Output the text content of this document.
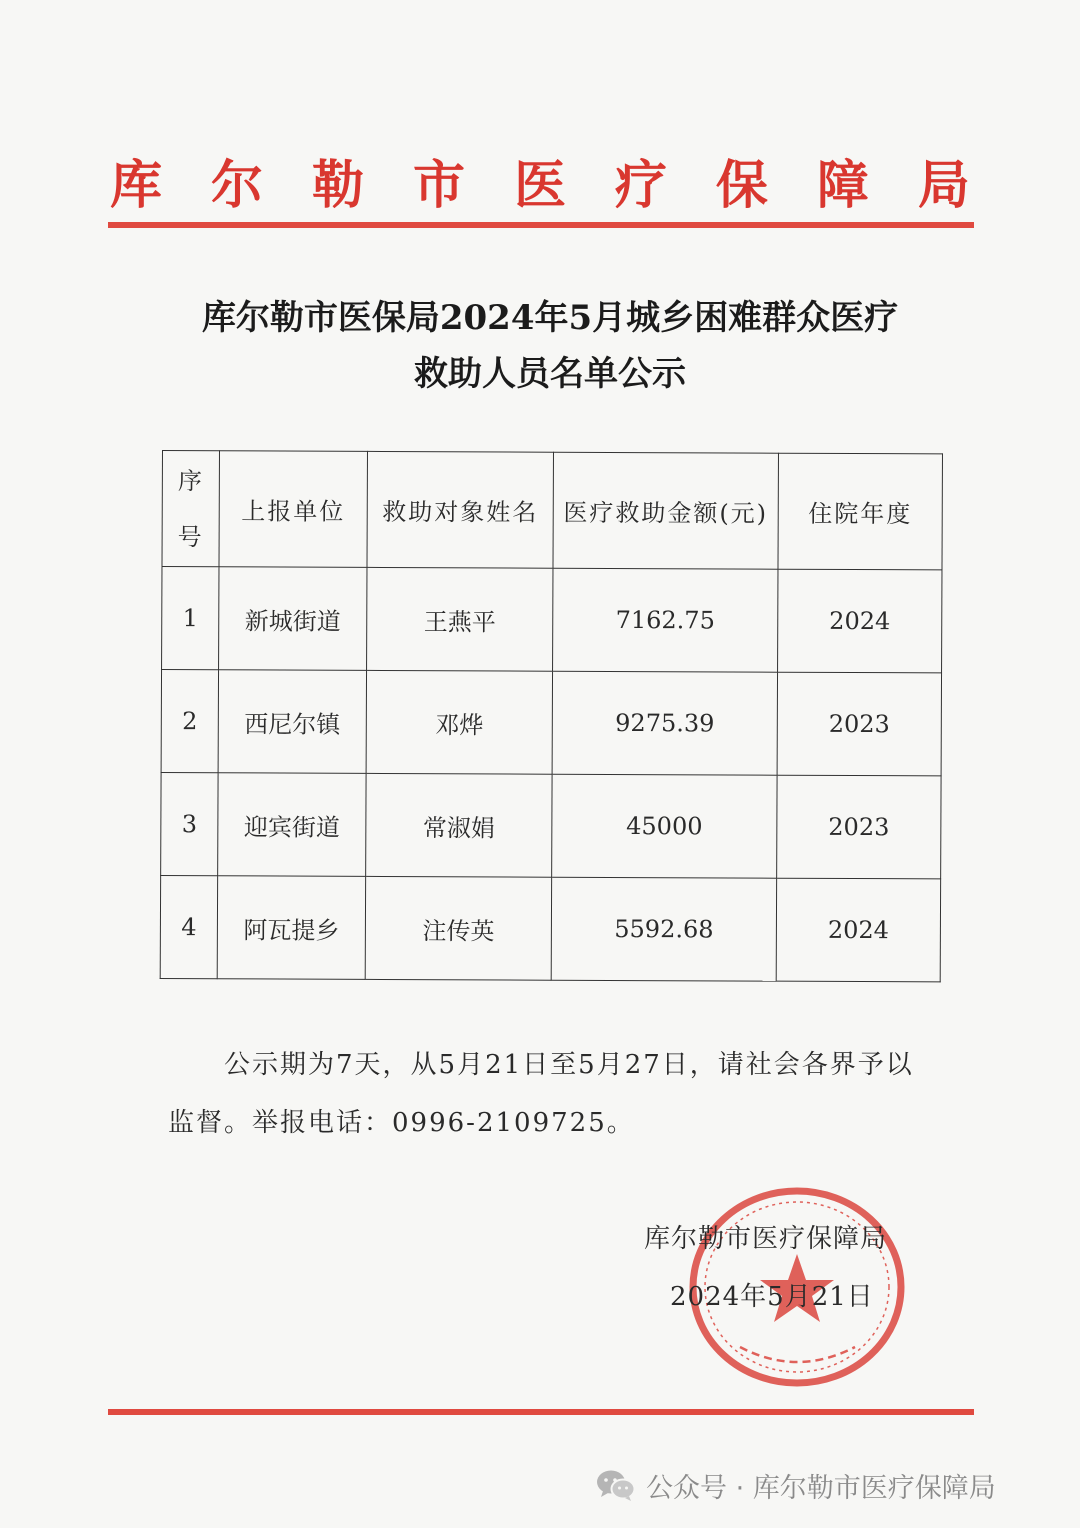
库 尔 勒 市 医 疗 保 障 局
库尔勒市医保局2024年5月城乡困难群众医疗
救助人员名单公示
序
号	上报单位	救助对象姓名	医疗救助金额(元)	住院年度
1	新城街道	王燕平	7162.75	2024
2	西尼尔镇	邓烨	9275.39	2023
3	迎宾街道	常淑娟	45000	2023
4	阿瓦提乡	注传英	5592.68	2024
公示期为7天，从5月21日至5月27日，请社会各界予以监督。举报电话：0996-2109725。
库尔勒市医疗保障局
2024年5月21日
公众号 · 库尔勒市医疗保障局
